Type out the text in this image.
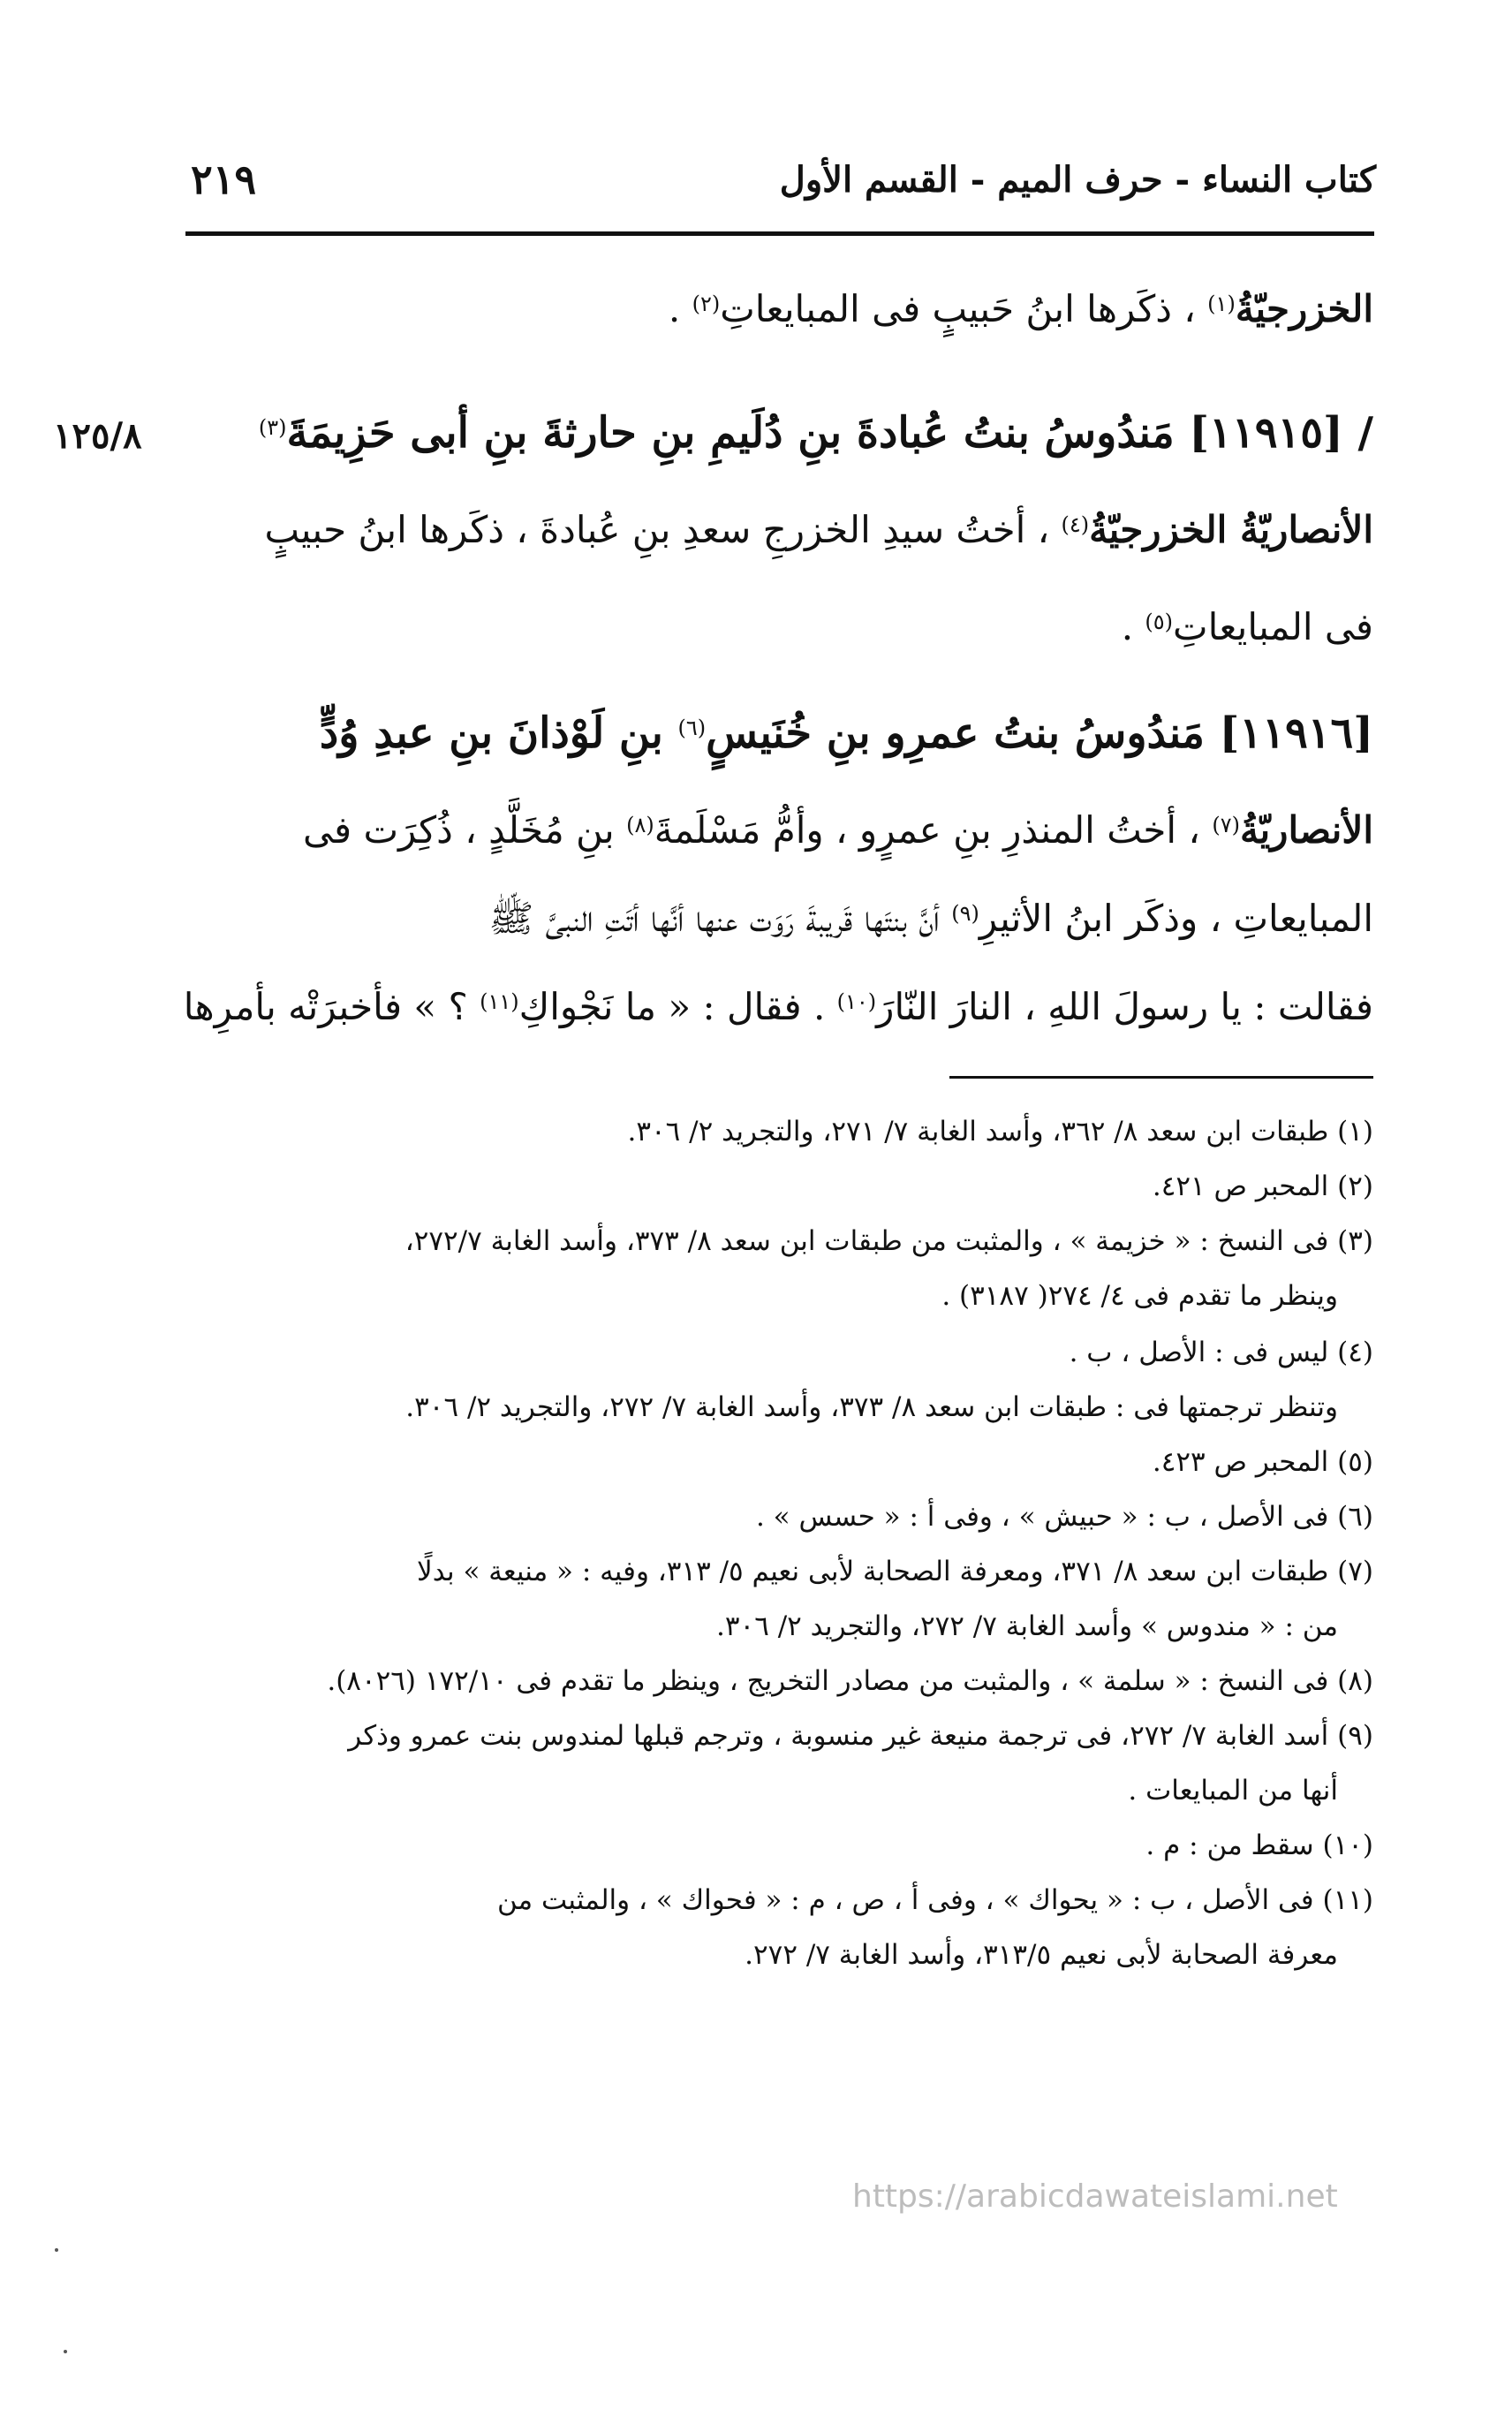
٢١٩	كتاب النساء - حرف الميم - القسم الأول
١٢٥/٨
الخزرجيّةُ$^{(١)}$ ، ذكَرها ابنُ حَبيبٍ فى المبايعاتِ$^{(٢)}$ .
/ [١١٩١٥] مَندُوسُ بنتُ عُبادةَ بنِ دُلَيمِ بنِ حارثةَ بنِ أبى حَزِيمَةَ$^{(٣)}$
الأنصاريّةُ الخزرجيّةُ$^{(٤)}$ ، أختُ سيدِ الخزرجِ سعدِ بنِ عُبادةَ ، ذكَرها ابنُ حبيبٍ
فى المبايعاتِ$^{(٥)}$ .
[١١٩١٦] مَندُوسُ بنتُ عمرِو بنِ خُنَيسٍ$^{(٦)}$ بنِ لَوْذانَ بنِ عبدِ وُدٍّ
الأنصاريّةُ$^{(٧)}$ ، أختُ المنذرِ بنِ عمرٍو ، وأمُّ مَسْلَمةَ$^{(٨)}$ بنِ مُخَلَّدٍ ، ذُكِرَت فى
المبايعاتِ ، وذكَر ابنُ الأثيرِ$^{(٩)}$ أنَّ بنتَها قَريبةَ رَوَت عنها أنَّها أتَتِ النبىَّ ﷺ
فقالت : يا رسولَ اللهِ ، النارَ النّارَ$^{(١٠)}$ . فقال : « ما نَجْواكِ$^{(١١)}$ ؟ » فأخبرَتْه بأمرِها
(١) طبقات ابن سعد ٨/ ٣٦٢، وأسد الغابة ٧/ ٢٧١، والتجريد ٢/ ٣٠٦.
(٢) المحبر ص ٤٢١.
(٣) فى النسخ : « خزيمة » ، والمثبت من طبقات ابن سعد ٨/ ٣٧٣، وأسد الغابة ٢٧٢/٧،
وينظر ما تقدم فى ٤/ ٢٧٤( ٣١٨٧) .
(٤) ليس فى : الأصل ، ب .
وتنظر ترجمتها فى : طبقات ابن سعد ٨/ ٣٧٣، وأسد الغابة ٧/ ٢٧٢، والتجريد ٢/ ٣٠٦.
(٥) المحبر ص ٤٢٣.
(٦) فى الأصل ، ب : « حبيش » ، وفى أ : « حسس » .
(٧) طبقات ابن سعد ٨/ ٣٧١، ومعرفة الصحابة لأبى نعيم ٥/ ٣١٣، وفيه : « منيعة » بدلًا
من : « مندوس » وأسد الغابة ٧/ ٢٧٢، والتجريد ٢/ ٣٠٦.
(٨) فى النسخ : « سلمة » ، والمثبت من مصادر التخريج ، وينظر ما تقدم فى ١٧٢/١٠ (٨٠٢٦).
(٩) أسد الغابة ٧/ ٢٧٢، فى ترجمة منيعة غير منسوبة ، وترجم قبلها لمندوس بنت عمرو وذكر
أنها من المبايعات .
(١٠) سقط من : م .
(١١) فى الأصل ، ب : « يحواك » ، وفى أ ، ص ، م : « فحواك » ، والمثبت من
معرفة الصحابة لأبى نعيم ٣١٣/٥، وأسد الغابة ٧/ ٢٧٢.
https://arabicdawateislami.net
